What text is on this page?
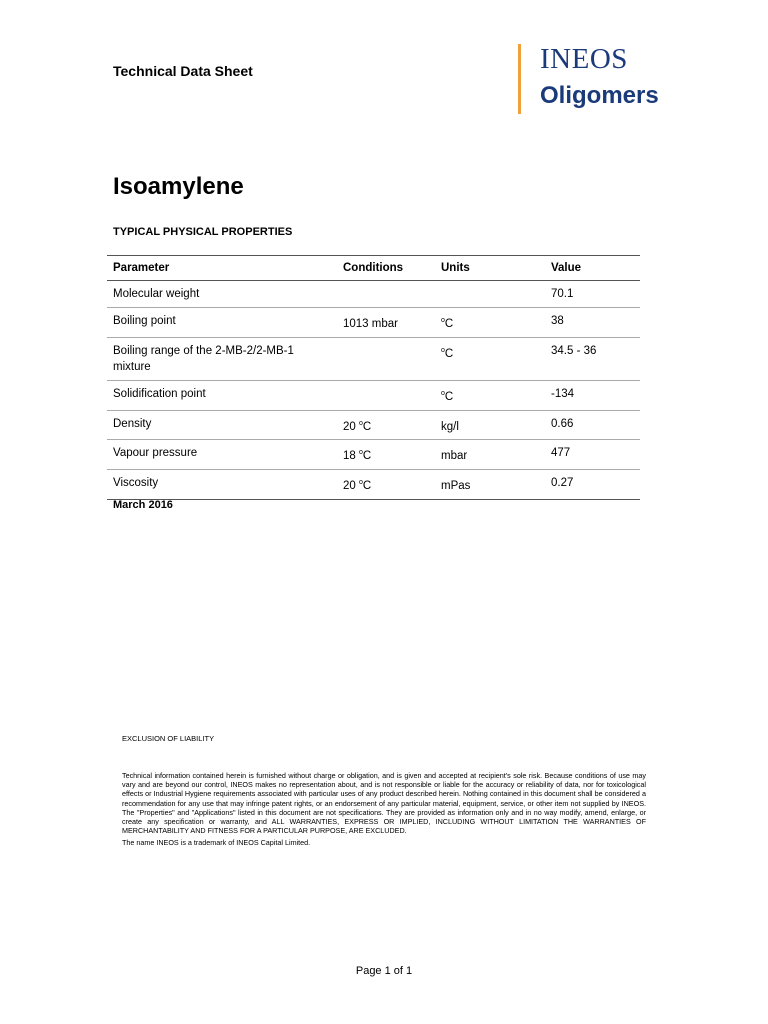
Technical Data Sheet	INEOS
Oligomers
Isoamylene
TYPICAL PHYSICAL PROPERTIES
Parameter	Conditions	Units	Value
Molecular weight			70.1
Boiling point	1013 mbar	$^o$C	38
Boiling range of the 2-MB-2/2-MB-1 mixture		$^o$C	34.5 - 36
Solidification point		$^o$C	-134
Density	20 $^o$C	kg/l	0.66
Vapour pressure	18 $^o$C	mbar	477
Viscosity	20 $^o$C	mPas	0.27
March 2016
EXCLUSION OF LIABILITY

Technical information contained herein is furnished without charge or obligation, and is given and accepted at recipient's sole risk. Because conditions of use may vary and are beyond our control, INEOS makes no representation about, and is not responsible or liable for the accuracy or reliability of data, nor for toxicological effects or Industrial Hygiene requirements associated with particular uses of any product described herein. Nothing contained in this document shall be considered a recommendation for any use that may infringe patent rights, or an endorsement of any particular material, equipment, service, or other item not supplied by INEOS. The "Properties" and "Applications" listed in this document are not specifications. They are provided as information only and in no way modify, amend, enlarge, or create any specification or warranty, and ALL WARRANTIES, EXPRESS OR IMPLIED, INCLUDING WITHOUT LIMITATION THE WARRANTIES OF MERCHANTABILITY AND FITNESS FOR A PARTICULAR PURPOSE, ARE EXCLUDED.

The name INEOS is a trademark of INEOS Capital Limited.
Page 1 of 1
